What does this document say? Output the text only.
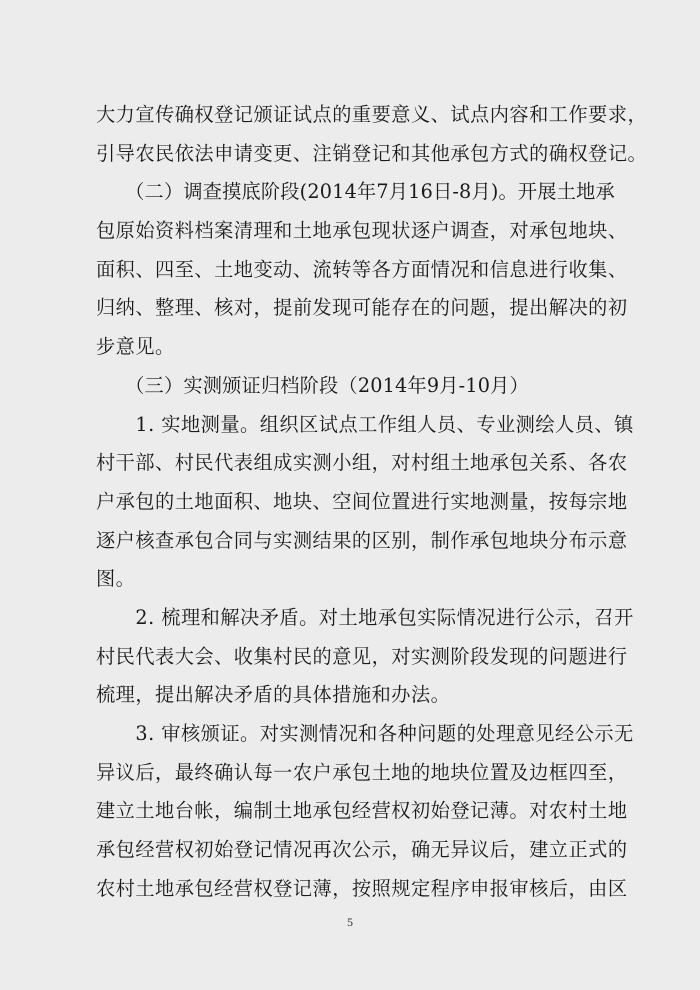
大力宣传确权登记颁证试点的重要意义、试点内容和工作要求，
引导农民依法申请变更、注销登记和其他承包方式的确权登记。
　　（二）调查摸底阶段(2014年7月16日-8月)。开展土地承
包原始资料档案清理和土地承包现状逐户调查，对承包地块、
面积、四至、土地变动、流转等各方面情况和信息进行收集、
归纳、整理、核对，提前发现可能存在的问题，提出解决的初
步意见。
　　（三）实测颁证归档阶段（2014年9月-10月）
　　1. 实地测量。组织区试点工作组人员、专业测绘人员、镇
村干部、村民代表组成实测小组，对村组土地承包关系、各农
户承包的土地面积、地块、空间位置进行实地测量，按每宗地
逐户核查承包合同与实测结果的区别，制作承包地块分布示意
图。
　　2. 梳理和解决矛盾。对土地承包实际情况进行公示，召开
村民代表大会、收集村民的意见，对实测阶段发现的问题进行
梳理，提出解决矛盾的具体措施和办法。
　　3. 审核颁证。对实测情况和各种问题的处理意见经公示无
异议后，最终确认每一农户承包土地的地块位置及边框四至，
建立土地台帐，编制土地承包经营权初始登记薄。对农村土地
承包经营权初始登记情况再次公示，确无异议后，建立正式的
农村土地承包经营权登记薄，按照规定程序申报审核后，由区
5
